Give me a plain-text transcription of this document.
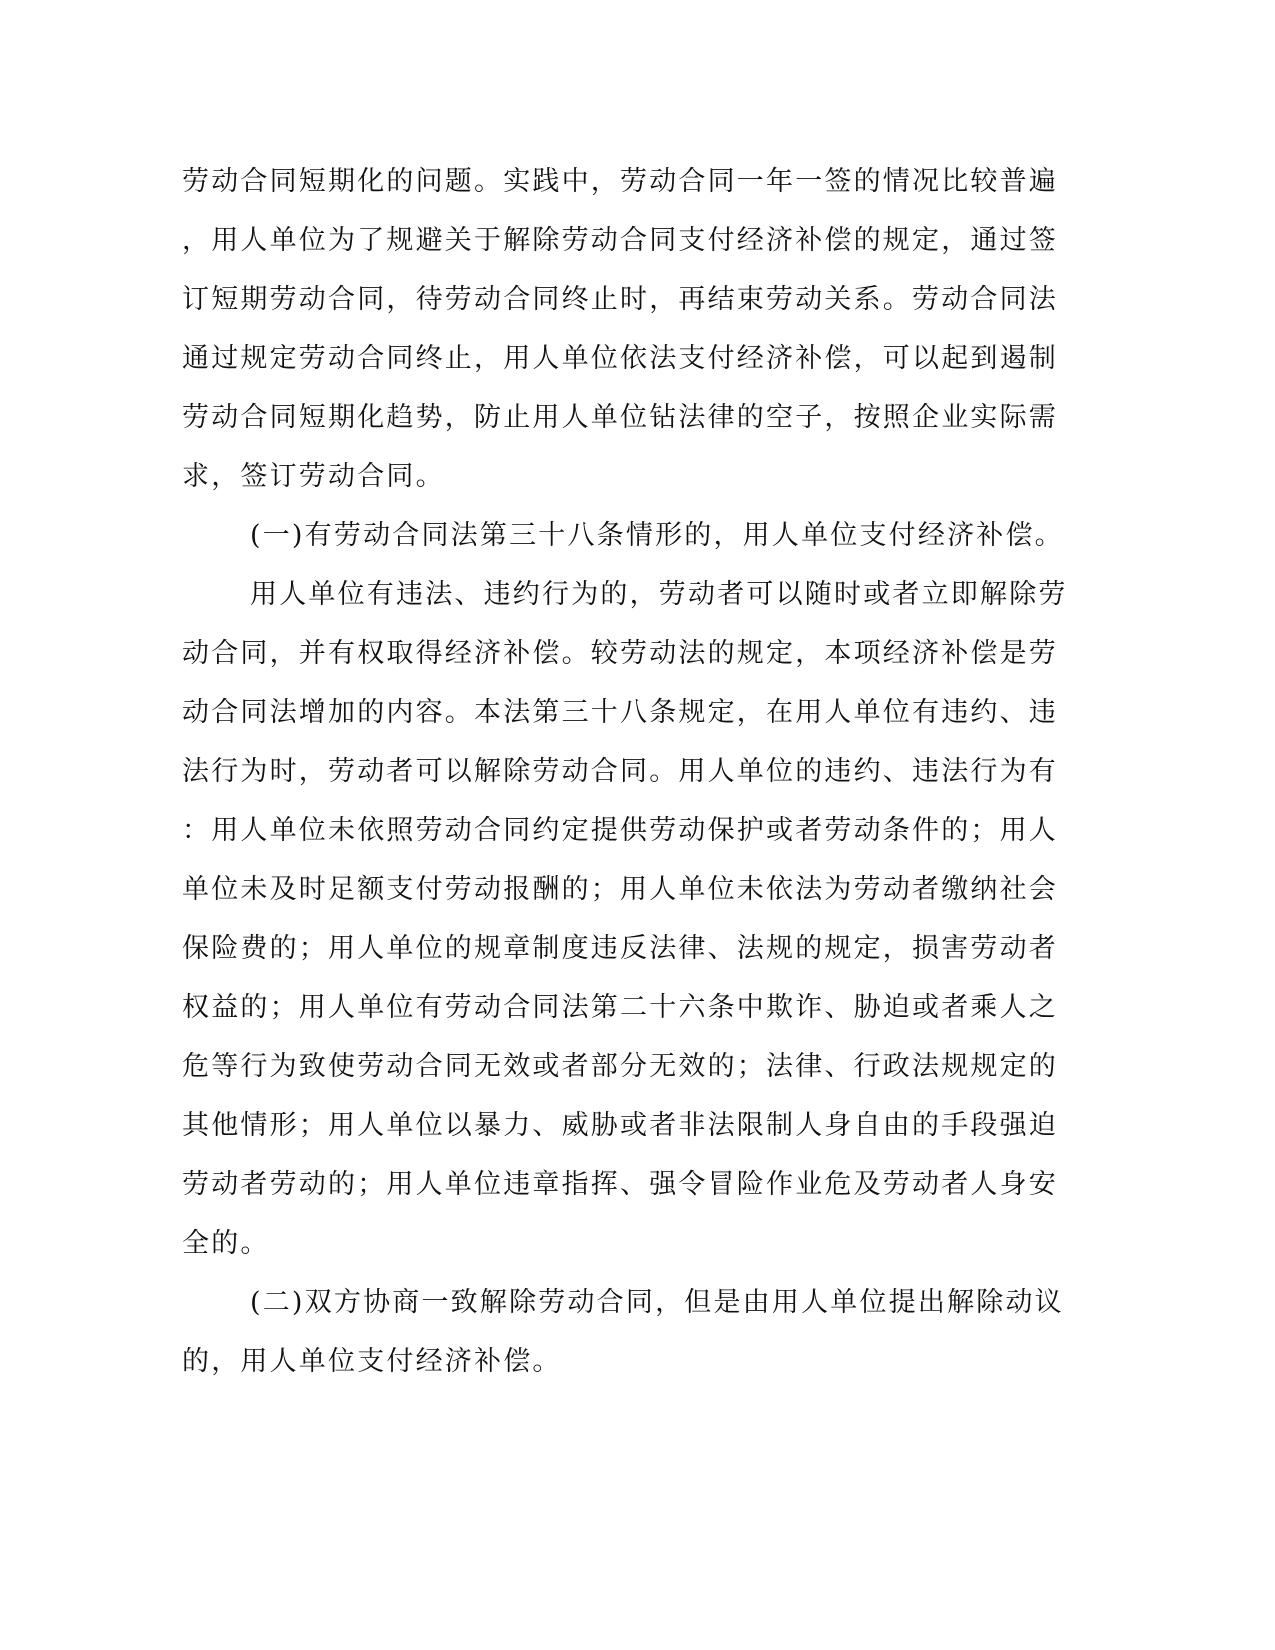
劳动合同短期化的问题。实践中，劳动合同一年一签的情况比较普遍
，用人单位为了规避关于解除劳动合同支付经济补偿的规定，通过签
订短期劳动合同，待劳动合同终止时，再结束劳动关系。劳动合同法
通过规定劳动合同终止，用人单位依法支付经济补偿，可以起到遏制
劳动合同短期化趋势，防止用人单位钻法律的空子，按照企业实际需
求，签订劳动合同。
(一)有劳动合同法第三十八条情形的，用人单位支付经济补偿。
用人单位有违法、违约行为的，劳动者可以随时或者立即解除劳
动合同，并有权取得经济补偿。较劳动法的规定，本项经济补偿是劳
动合同法增加的内容。本法第三十八条规定，在用人单位有违约、违
法行为时，劳动者可以解除劳动合同。用人单位的违约、违法行为有
：用人单位未依照劳动合同约定提供劳动保护或者劳动条件的；用人
单位未及时足额支付劳动报酬的；用人单位未依法为劳动者缴纳社会
保险费的；用人单位的规章制度违反法律、法规的规定，损害劳动者
权益的；用人单位有劳动合同法第二十六条中欺诈、胁迫或者乘人之
危等行为致使劳动合同无效或者部分无效的；法律、行政法规规定的
其他情形；用人单位以暴力、威胁或者非法限制人身自由的手段强迫
劳动者劳动的；用人单位违章指挥、强令冒险作业危及劳动者人身安
全的。
(二)双方协商一致解除劳动合同，但是由用人单位提出解除动议
的，用人单位支付经济补偿。
